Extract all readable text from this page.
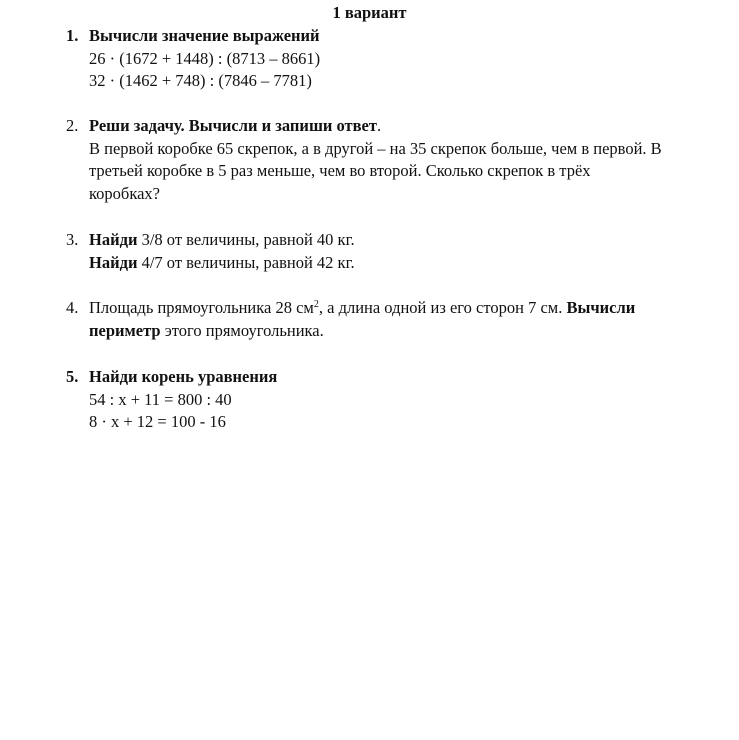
1 вариант
1. Вычисли значение выражений
26 · (1672 + 1448) : (8713 – 8661)
32 · (1462 + 748) : (7846 – 7781)
2. Реши задачу. Вычисли и запиши ответ.
В первой коробке 65 скрепок, а в другой – на 35 скрепок больше, чем в первой. В
третьей коробке в 5 раз меньше, чем во второй. Сколько скрепок в трёх
коробках?
3. Найди 3/8 от величины, равной 40 кг.
Найди 4/7 от величины, равной 42 кг.
4. Площадь прямоугольника 28 $см^2$, а длина одной из его сторон 7 см. Вычисли
периметр этого прямоугольника.
5. Найди корень уравнения
54 : x + 11 = 800 : 40
8 · x + 12 = 100 - 16
